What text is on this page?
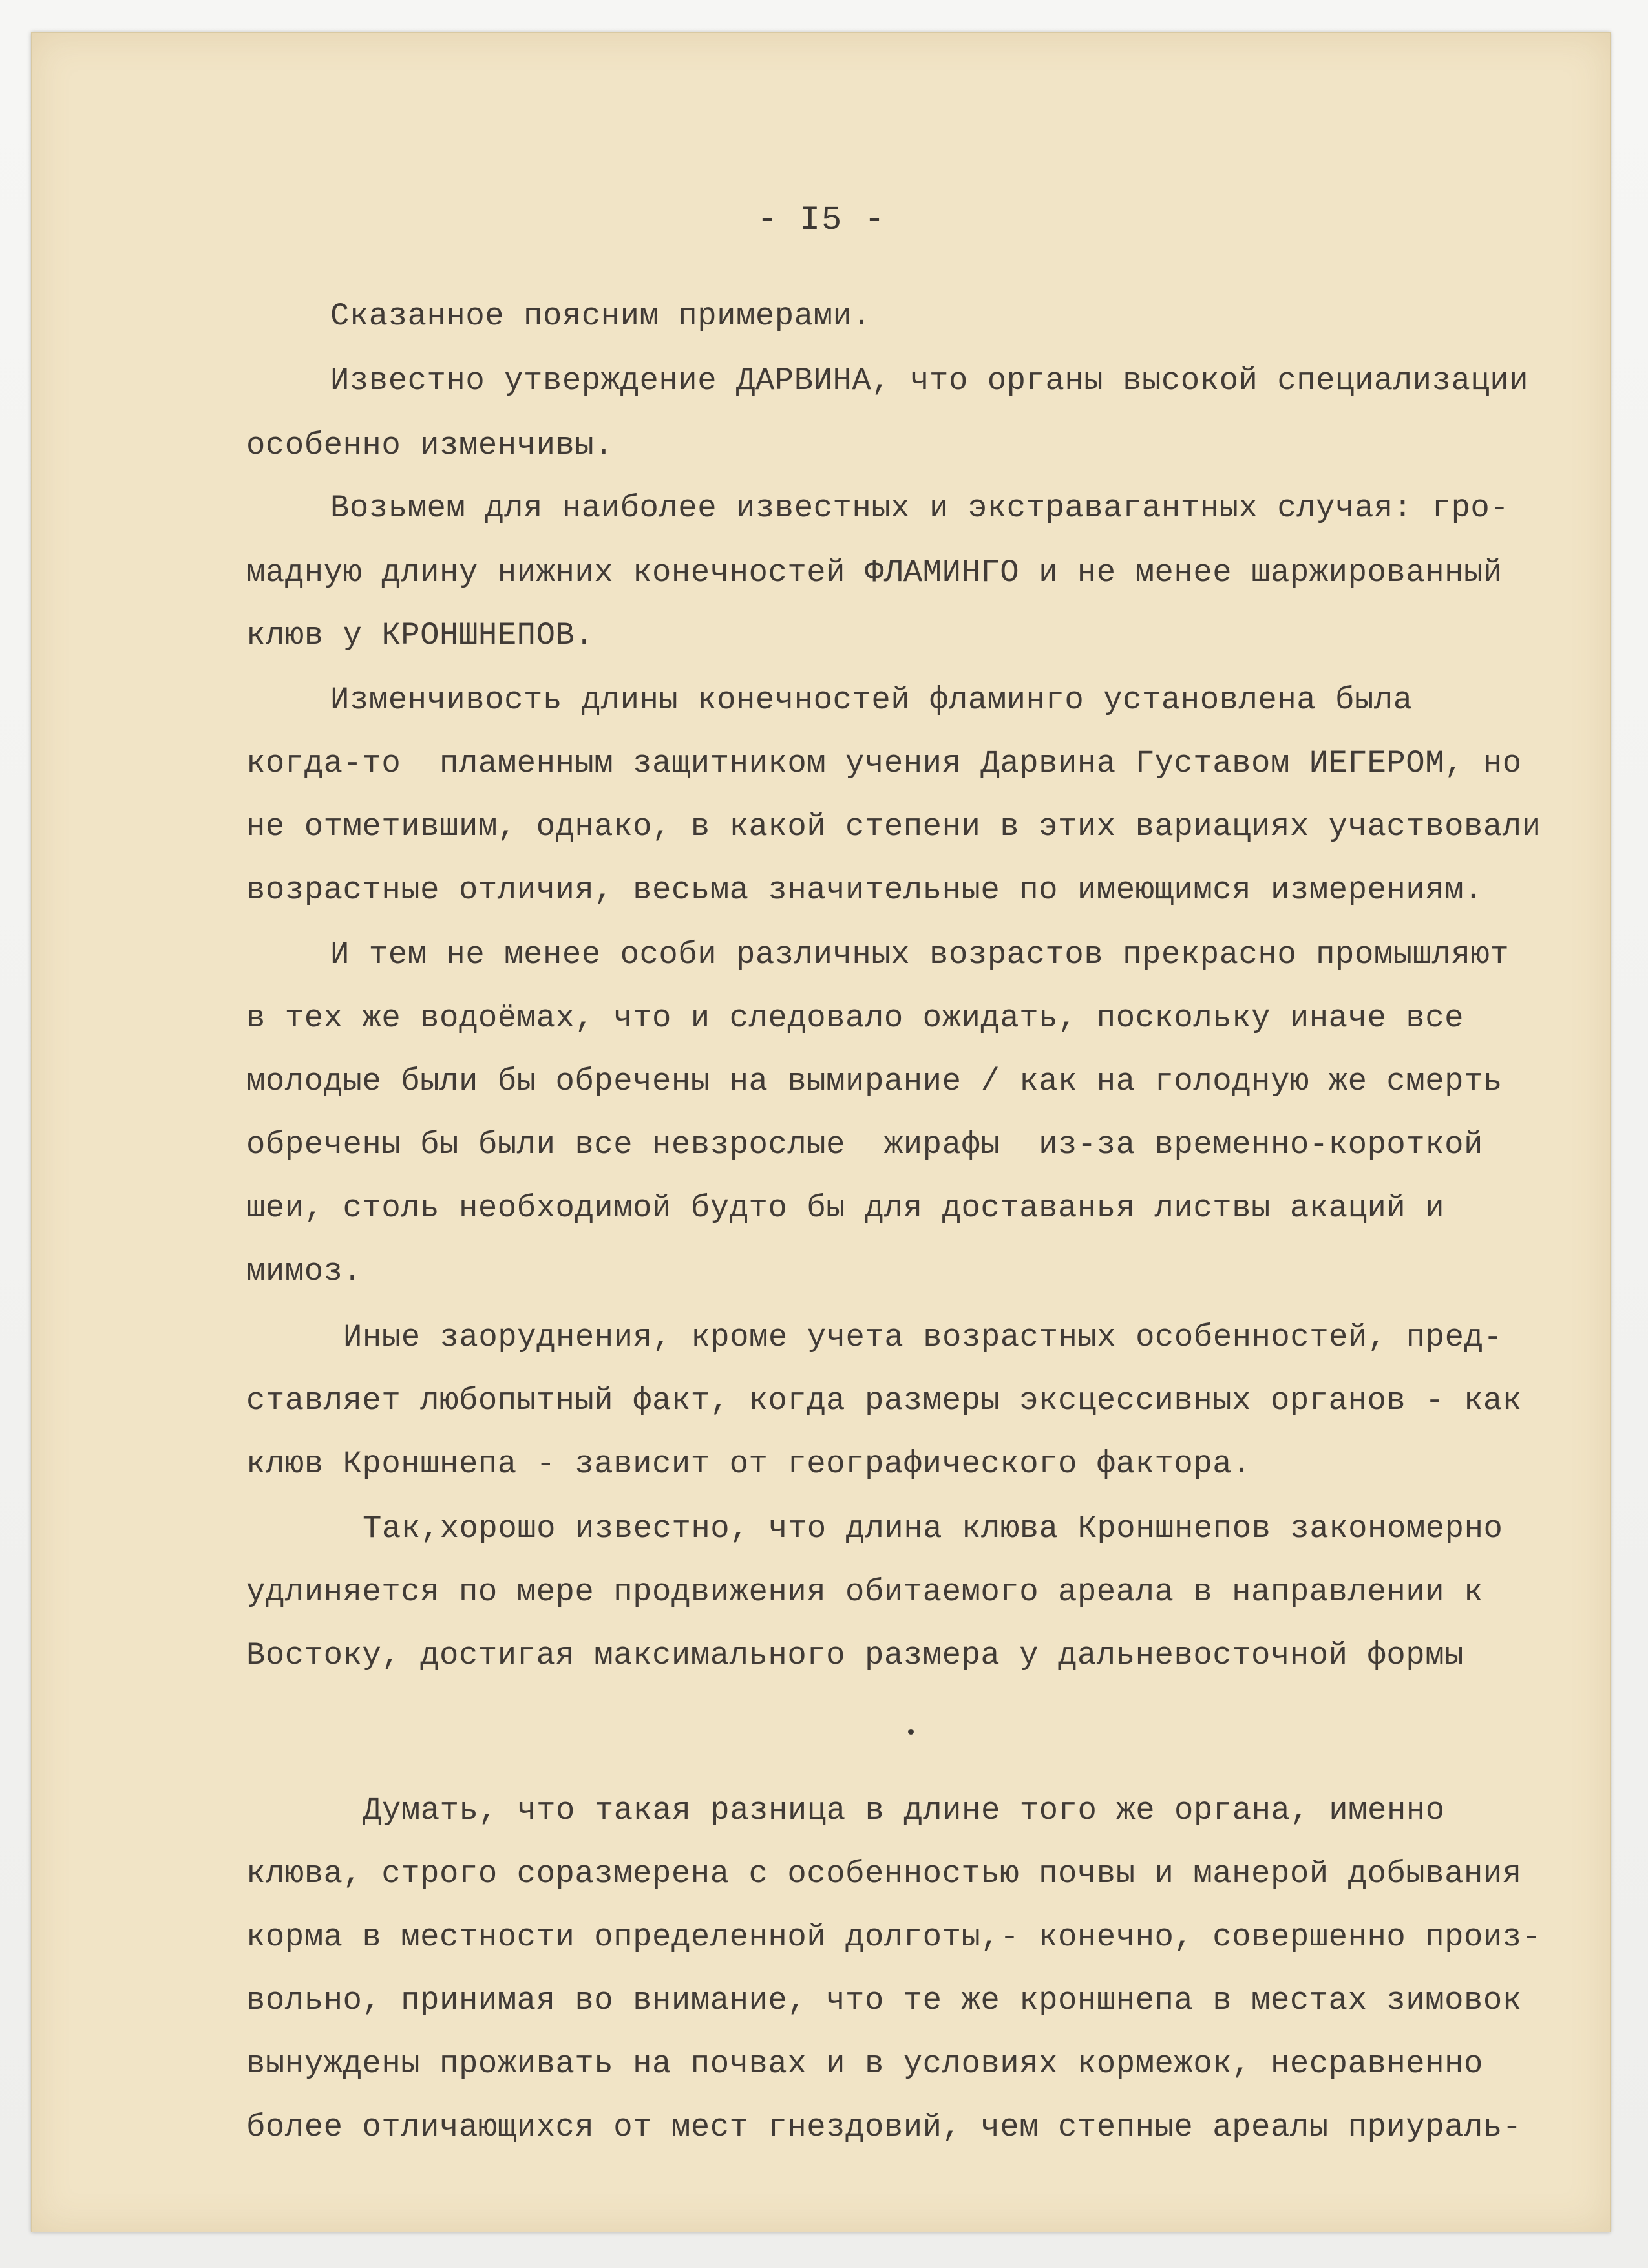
- I5 -
Сказанное поясним примерами.
Известно утверждение ДАРВИНА, что органы высокой специализации
особенно изменчивы.
Возьмем для наиболее известных и экстравагантных случая: гро-
мадную длину нижних конечностей ФЛАМИНГО и не менее шаржированный
клюв у КРОНШНЕПОВ.
Изменчивость длины конечностей фламинго установлена была
когда-то  пламенным защитником учения Дарвина Густавом ИЕГЕРОМ, но
не отметившим, однако, в какой степени в этих вариациях участвовали
возрастные отличия, весьма значительные по имеющимся измерениям.
И тем не менее особи различных возрастов прекрасно промышляют
в тех же водоёмах, что и следовало ожидать, поскольку иначе все
молодые были бы обречены на вымирание / как на голодную же смерть
обречены бы были все невзрослые  жирафы  из-за временно-короткой
шеи, столь необходимой будто бы для доставанья листвы акаций и
мимоз.
Иные заоруднения, кроме учета возрастных особенностей, пред-
ставляет любопытный факт, когда размеры эксцессивных органов - как
клюв Кроншнепа - зависит от географического фактора.
Так,хорошо известно, что длина клюва Кроншнепов закономерно
удлиняется по мере продвижения обитаемого ареала в направлении к
Востоку, достигая максимального размера у дальневосточной формы
Думать, что такая разница в длине того же органа, именно
клюва, строго соразмерена с особенностью почвы и манерой добывания
корма в местности определенной долготы,- конечно, совершенно произ-
вольно, принимая во внимание, что те же кроншнепа в местах зимовок
вынуждены проживать на почвах и в условиях кормежок, несравненно
более отличающихся от мест гнездовий, чем степные ареалы приураль-
